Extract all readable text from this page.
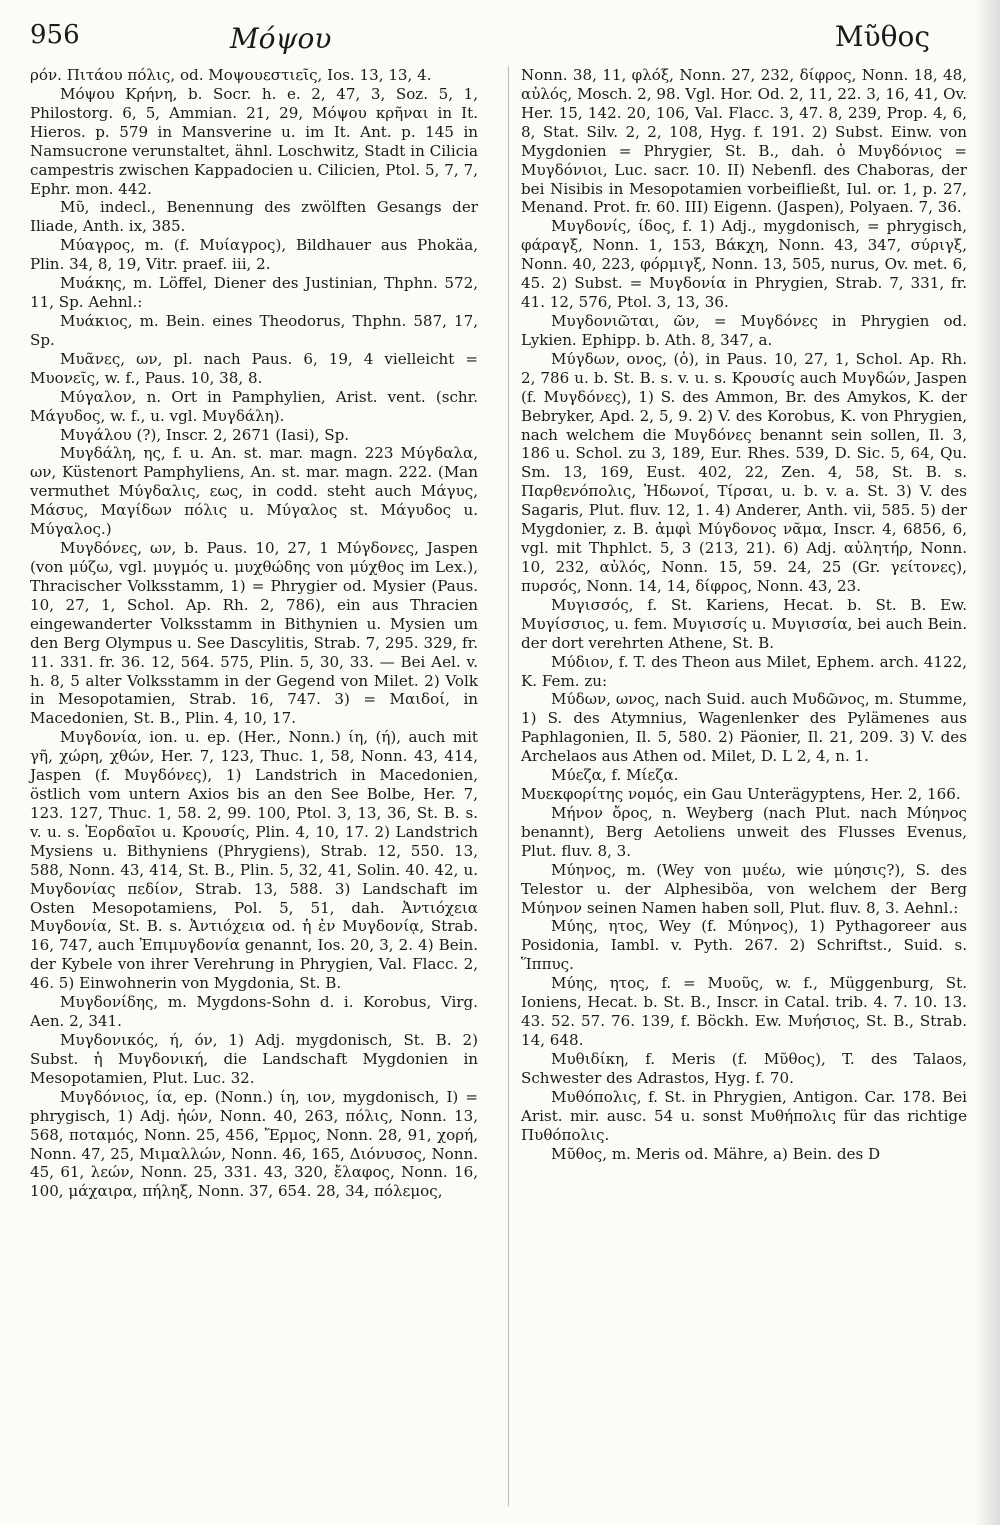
956	Μόψου	Μῦθος

ρόν. Πιτάου πόλις, od. Μοψουεστιεῖς, Ios. 13, 13, 4.

Μόψου Κρήνη, b. Socr. h. e. 2, 47, 3, Soz. 5, 1, Philostorg. 6, 5, Ammian. 21, 29, Μόψου κρῆναι in It. Hieros. p. 579 in Mansverine u. im It. Ant. p. 145 in Namsucrone verunstaltet, ähnl. Loschwitz, Stadt in Cilicia campestris zwischen Kappadocien u. Cilicien, Ptol. 5, 7, 7, Ephr. mon. 442.

Μῦ, indecl., Benennung des zwölften Gesangs der Iliade, Anth. ix, 385.

Μύαγρος, m. (f. Μυίαγρος), Bildhauer aus Phokäa, Plin. 34, 8, 19, Vitr. praef. iii, 2.

Μυάκης, m. Löffel, Diener des Justinian, Thphn. 572, 11, Sp. Aehnl.:

Μυάκιος, m. Bein. eines Theodorus, Thphn. 587, 17, Sp.

Μυᾶνες, ων, pl. nach Paus. 6, 19, 4 vielleicht = Μυονεῖς, w. f., Paus. 10, 38, 8.

Μύγαλον, n. Ort in Pamphylien, Arist. vent. (schr. Μάγυδος, w. f., u. vgl. Μυγδάλη).

Μυγάλου (?), Inscr. 2, 2671 (Iasi), Sp.

Μυγδάλη, ης, f. u. An. st. mar. magn. 223 Μύγδαλα, ων, Küstenort Pamphyliens, An. st. mar. magn. 222. (Man vermuthet Μύγδαλις, εως, in codd. steht auch Μάγυς, Μάσυς, Μαγίδων πόλις u. Μύγαλος st. Μάγυδος u. Μύγαλος.)

Μυγδόνες, ων, b. Paus. 10, 27, 1 Μύγδονες, Jaspen (von μύζω, vgl. μυγμός u. μυχθώδης von μύχθος im Lex.), Thracischer Volksstamm, 1) = Phrygier od. Mysier (Paus. 10, 27, 1, Schol. Ap. Rh. 2, 786), ein aus Thracien eingewanderter Volksstamm in Bithynien u. Mysien um den Berg Olympus u. See Dascylitis, Strab. 7, 295. 329, fr. 11. 331. fr. 36. 12, 564. 575, Plin. 5, 30, 33. — Bei Ael. v. h. 8, 5 alter Volksstamm in der Gegend von Milet. 2) Volk in Mesopotamien, Strab. 16, 747. 3) = Μαιδοί, in Macedonien, St. B., Plin. 4, 10, 17.

Μυγδονία, ion. u. ep. (Her., Nonn.) ίη, (ή), auch mit γῆ, χώρη, χθών, Her. 7, 123, Thuc. 1, 58, Nonn. 43, 414, Jaspen (f. Μυγδόνες), 1) Landstrich in Macedonien, östlich vom untern Axios bis an den See Bolbe, Her. 7, 123. 127, Thuc. 1, 58. 2, 99. 100, Ptol. 3, 13, 36, St. B. s. v. u. s. Ἐορδαῖοι u. Κρουσίς, Plin. 4, 10, 17. 2) Landstrich Mysiens u. Bithyniens (Phrygiens), Strab. 12, 550. 13, 588, Nonn. 43, 414, St. B., Plin. 5, 32, 41, Solin. 40. 42, u. Μυγδονίας πεδίον, Strab. 13, 588. 3) Landschaft im Osten Mesopotamiens, Pol. 5, 51, dah. Ἀντιόχεια Μυγδονία, St. B. s. Ἀντιόχεια od. ἡ ἐν Μυγδονίᾳ, Strab. 16, 747, auch Ἐπιμυγδονία genannt, Ios. 20, 3, 2. 4) Bein. der Kybele von ihrer Verehrung in Phrygien, Val. Flacc. 2, 46. 5) Einwohnerin von Mygdonia, St. B.

Μυγδονίδης, m. Mygdons-Sohn d. i. Korobus, Virg. Aen. 2, 341.

Μυγδονικός, ή, όν, 1) Adj. mygdonisch, St. B. 2) Subst. ἡ Μυγδονική, die Landschaft Mygdonien in Mesopotamien, Plut. Luc. 32.

Μυγδόνιος, ία, ep. (Nonn.) ίη, ιον, mygdonisch, I) = phrygisch, 1) Adj. ἠών, Nonn. 40, 263, πόλις, Nonn. 13, 568, ποταμός, Nonn. 25, 456, Ἔρμος, Nonn. 28, 91, χορή, Nonn. 47, 25, Μιμαλλών, Nonn. 46, 165, Διόνυσος, Nonn. 45, 61, λεών, Nonn. 25, 331. 43, 320, ἔλαφος, Nonn. 16, 100, μάχαιρα, πήληξ, Nonn. 37, 654. 28, 34, πόλεμος,

Nonn. 38, 11, φλόξ, Nonn. 27, 232, δίφρος, Nonn. 18, 48, αὐλός, Mosch. 2, 98. Vgl. Hor. Od. 2, 11, 22. 3, 16, 41, Ov. Her. 15, 142. 20, 106, Val. Flacc. 3, 47. 8, 239, Prop. 4, 6, 8, Stat. Silv. 2, 2, 108, Hyg. f. 191. 2) Subst. Einw. von Mygdonien = Phrygier, St. B., dah. ὁ Μυγδόνιος = Μυγδόνιοι, Luc. sacr. 10. II) Nebenfl. des Chaboras, der bei Nisibis in Mesopotamien vorbeifließt, Iul. or. 1, p. 27, Menand. Prot. fr. 60. III) Eigenn. (Jaspen), Polyaen. 7, 36.

Μυγδονίς, ίδος, f. 1) Adj., mygdonisch, = phrygisch, φάραγξ, Nonn. 1, 153, Βάκχη, Nonn. 43, 347, σύριγξ, Nonn. 40, 223, φόρμιγξ, Nonn. 13, 505, nurus, Ov. met. 6, 45. 2) Subst. = Μυγδονία in Phrygien, Strab. 7, 331, fr. 41. 12, 576, Ptol. 3, 13, 36.

Μυγδονιῶται, ῶν, = Μυγδόνες in Phrygien od. Lykien. Ephipp. b. Ath. 8, 347, a.

Μύγδων, ονος, (ὁ), in Paus. 10, 27, 1, Schol. Ap. Rh. 2, 786 u. b. St. B. s. v. u. s. Κρουσίς auch Μυγδών, Jaspen (f. Μυγδόνες), 1) S. des Ammon, Br. des Amykos, K. der Bebryker, Apd. 2, 5, 9. 2) V. des Korobus, K. von Phrygien, nach welchem die Μυγδόνες benannt sein sollen, Il. 3, 186 u. Schol. zu 3, 189, Eur. Rhes. 539, D. Sic. 5, 64, Qu. Sm. 13, 169, Eust. 402, 22, Zen. 4, 58, St. B. s. Παρθενόπολις, Ἠδωνοί, Τίρσαι, u. b. v. a. St. 3) V. des Sagaris, Plut. fluv. 12, 1. 4) Anderer, Anth. vii, 585. 5) der Mygdonier, z. B. ἀμφὶ Μύγδονος νᾶμα, Inscr. 4, 6856, 6, vgl. mit Thphlct. 5, 3 (213, 21). 6) Adj. αὐλητήρ, Nonn. 10, 232, αὐλός, Nonn. 15, 59. 24, 25 (Gr. γείτονες), πυρσός, Nonn. 14, 14, δίφρος, Nonn. 43, 23.

Μυγισσός, f. St. Kariens, Hecat. b. St. B. Ew. Μυγίσσιος, u. fem. Μυγισσίς u. Μυγισσία, bei auch Bein. der dort verehrten Athene, St. B.

Μύδιον, f. T. des Theon aus Milet, Ephem. arch. 4122, K. Fem. zu:

Μύδων, ωνος, nach Suid. auch Μυδῶνος, m. Stumme, 1) S. des Atymnius, Wagenlenker des Pylämenes aus Paphlagonien, Il. 5, 580. 2) Päonier, Il. 21, 209. 3) V. des Archelaos aus Athen od. Milet, D. L 2, 4, n. 1.

Μύεζα, f. Μίεζα.

Μυεκφορίτης νομός, ein Gau Unterägyptens, Her. 2, 166.

Μήνον ὄρος, n. Weyberg (nach Plut. nach Μύηνος benannt), Berg Aetoliens unweit des Flusses Evenus, Plut. fluv. 8, 3.

Μύηνος, m. (Wey von μυέω, wie μύησις?), S. des Telestor u. der Alphesiböa, von welchem der Berg Μύηνον seinen Namen haben soll, Plut. fluv. 8, 3. Aehnl.:

Μύης, ητος, Wey (f. Μύηνος), 1) Pythagoreer aus Posidonia, Iambl. v. Pyth. 267. 2) Schriftst., Suid. s. Ἵππυς.

Μύης, ητος, f. = Μυοῦς, w. f., Müggenburg, St. Ioniens, Hecat. b. St. B., Inscr. in Catal. trib. 4. 7. 10. 13. 43. 52. 57. 76. 139, f. Böckh. Ew. Μυήσιος, St. B., Strab. 14, 648.

Μυθιδίκη, f. Meris (f. Μῦθος), T. des Talaos, Schwester des Adrastos, Hyg. f. 70.

Μυθόπολις, f. St. in Phrygien, Antigon. Car. 178. Bei Arist. mir. ausc. 54 u. sonst Μυθήπολις für das richtige Πυθόπολις.

Μῦθος, m. Meris od. Mähre, a) Bein. des D
